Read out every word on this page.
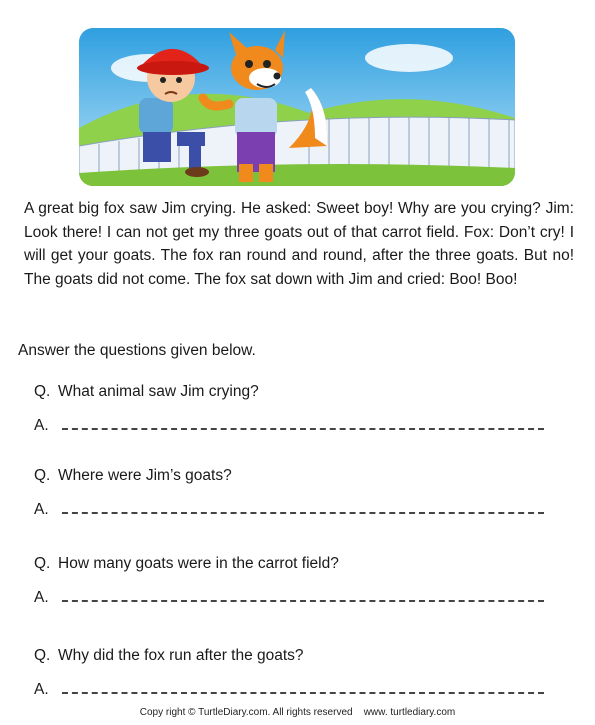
A great big fox saw Jim crying. He asked: Sweet boy! Why are you crying? Jim: Look there! I can not get my three goats out of that carrot field. Fox: Don’t cry! I will get your goats. The fox ran round and round, after the three goats. But no! The goats did not come. The fox sat down with Jim and cried: Boo! Boo!

Answer the questions given below.

Q. What animal saw Jim crying?
A.
Q. Where were Jim’s goats?
A.
Q. How many goats were in the carrot field?
A.
Q. Why did the fox run after the goats?
A.
Copy right © TurtleDiary.com. All rights reserved www. turtlediary.com
